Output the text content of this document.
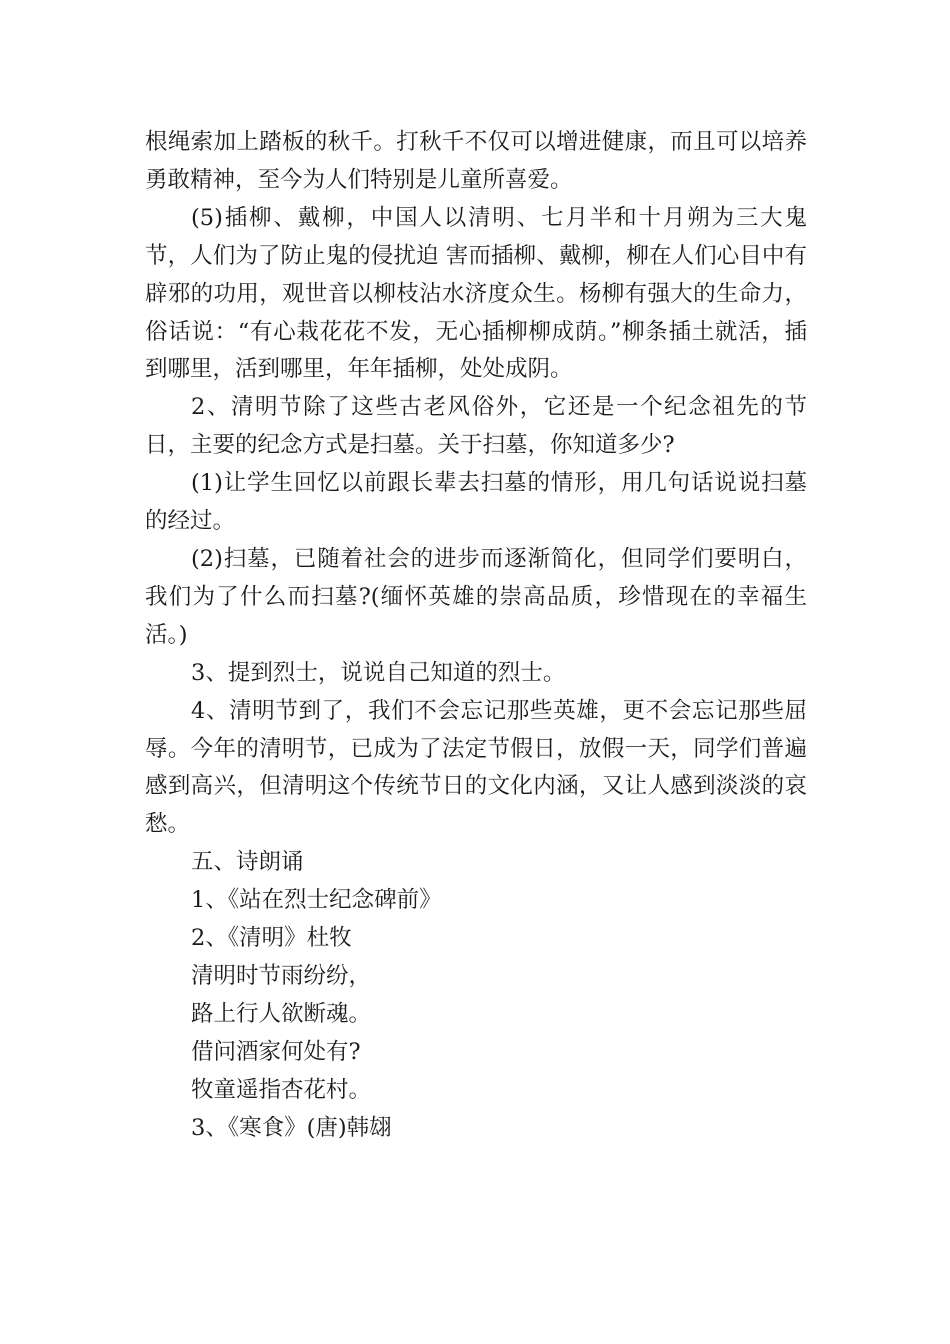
根绳索加上踏板的秋千。打秋千不仅可以增进健康，而且可以培养勇敢精神，至今为人们特别是儿童所喜爱。

(5)插柳、戴柳，中国人以清明、七月半和十月朔为三大鬼节，人们为了防止鬼的侵扰迫 害而插柳、戴柳，柳在人们心目中有辟邪的功用，观世音以柳枝沾水济度众生。杨柳有强大的生命力，俗话说：“有心栽花花不发，无心插柳柳成荫。”柳条插土就活，插到哪里，活到哪里，年年插柳，处处成阴。

2、清明节除了这些古老风俗外，它还是一个纪念祖先的节日，主要的纪念方式是扫墓。关于扫墓，你知道多少?

(1)让学生回忆以前跟长辈去扫墓的情形，用几句话说说扫墓的经过。

(2)扫墓，已随着社会的进步而逐渐简化，但同学们要明白，我们为了什么而扫墓?(缅怀英雄的崇高品质，珍惜现在的幸福生活。)

3、提到烈士，说说自己知道的烈士。

4、清明节到了，我们不会忘记那些英雄，更不会忘记那些屈辱。今年的清明节，已成为了法定节假日，放假一天，同学们普遍感到高兴，但清明这个传统节日的文化内涵，又让人感到淡淡的哀愁。

五、诗朗诵

1、《站在烈士纪念碑前》

2、《清明》杜牧

清明时节雨纷纷，

路上行人欲断魂。

借问酒家何处有?

牧童遥指杏花村。

3、《寒食》(唐)韩翃
